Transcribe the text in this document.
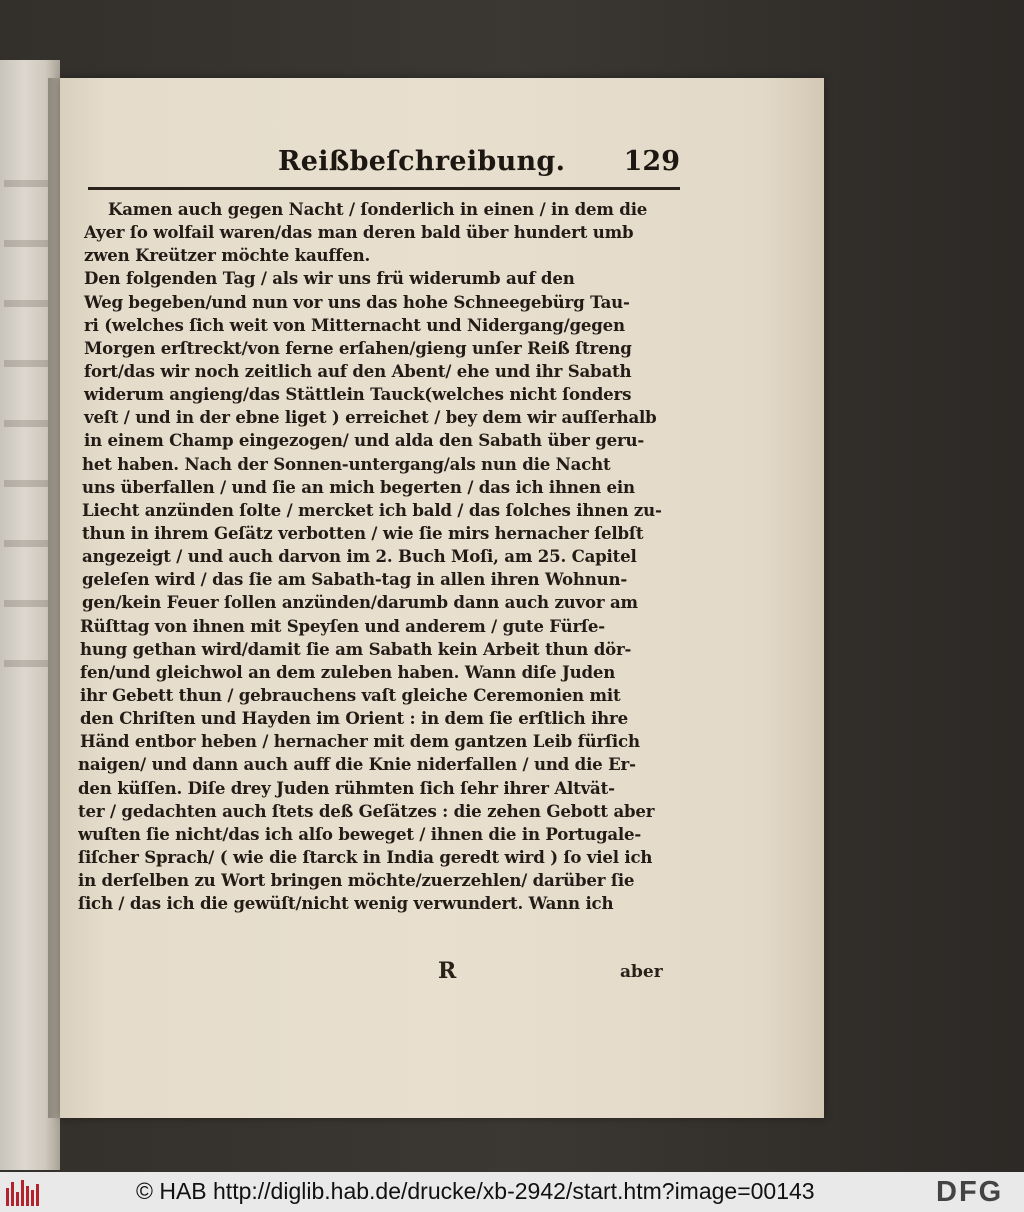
Reißbeſchreibung. 129
Kamen auch gegen Nacht / ſonderlich in einen / in dem die
Ayer ſo wolfail waren/das man deren bald über hundert umb
zwen Kreützer möchte kauffen.
Den folgenden Tag / als wir uns frü widerumb auf den
Weg begeben/und nun vor uns das hohe Schneegebürg Tau-
ri (welches ſich weit von Mitternacht und Nidergang/gegen
Morgen erſtreckt/von ferne erſahen/gieng unſer Reiß ſtreng
fort/das wir noch zeitlich auf den Abent/ ehe und ihr Sabath
widerum angieng/das Stättlein Tauck(welches nicht ſonders
veſt / und in der ebne liget ) erreichet / bey dem wir auſſerhalb
in einem Champ eingezogen/ und alda den Sabath über geru-
het haben. Nach der Sonnen-untergang/als nun die Nacht
uns überfallen / und ſie an mich begerten / das ich ihnen ein
Liecht anzünden ſolte / mercket ich bald / das ſolches ihnen zu-
thun in ihrem Geſätz verbotten / wie ſie mirs hernacher ſelbſt
angezeigt / und auch darvon im 2. Buch Moſi, am 25. Capitel
geleſen wird / das ſie am Sabath-tag in allen ihren Wohnun-
gen/kein Feuer ſollen anzünden/darumb dann auch zuvor am
Rüſttag von ihnen mit Speyſen und anderem / gute Fürſe-
hung gethan wird/damit ſie am Sabath kein Arbeit thun dör-
fen/und gleichwol an dem zuleben haben. Wann diſe Juden
ihr Gebett thun / gebrauchens vaſt gleiche Ceremonien mit
den Chriſten und Hayden im Orient : in dem ſie erſtlich ihre
Händ entbor heben / hernacher mit dem gantzen Leib fürſich
naigen/ und dann auch auff die Knie niderfallen / und die Er-
den küſſen. Diſe drey Juden rühmten ſich ſehr ihrer Altvät-
ter / gedachten auch ſtets deß Geſätzes : die zehen Gebott aber
wuſten ſie nicht/das ich alſo beweget / ihnen die in Portugale-
ſiſcher Sprach/ ( wie die ſtarck in India geredt wird ) ſo viel ich
in derſelben zu Wort bringen möchte/zuerzehlen/ darüber ſie
ſich / das ich die gewüſt/nicht wenig verwundert. Wann ich
R	aber
© HAB http://diglib.hab.de/drucke/xb-2942/start.htm?image=00143	DFG
